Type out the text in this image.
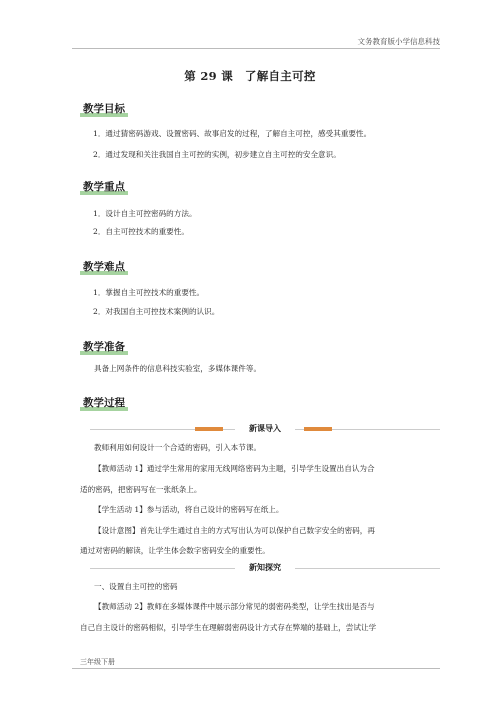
文务教育版小学信息科技
第 29 课　了解自主可控
教学目标
1．通过猜密码游戏、设置密码、故事启发的过程，了解自主可控，感受其重要性。
2．通过发现和关注我国自主可控的实例，初步建立自主可控的安全意识。
教学重点
1．设计自主可控密码的方法。
2．自主可控技术的重要性。
教学难点
1．掌握自主可控技术的重要性。
2．对我国自主可控技术案例的认识。
教学准备
具备上网条件的信息科技实验室，多媒体课件等。
教学过程
新课导入
教师利用如何设计一个合适的密码，引入本节课。
【教师活动 1】通过学生常用的家用无线网络密码为主题，引导学生设置出自认为合
适的密码，把密码写在一张纸条上。
【学生活动 1】参与活动，将自己设计的密码写在纸上。
【设计意图】首先让学生通过自主的方式写出认为可以保护自己数字安全的密码，再
通过对密码的解读，让学生体会数字密码安全的重要性。
新知探究
一、设置自主可控的密码
【教师活动 2】教师在多媒体课件中展示部分常见的弱密码类型，让学生找出是否与
自己自主设计的密码相似，引导学生在理解弱密码设计方式存在弊端的基础上，尝试让学
三年级下册
